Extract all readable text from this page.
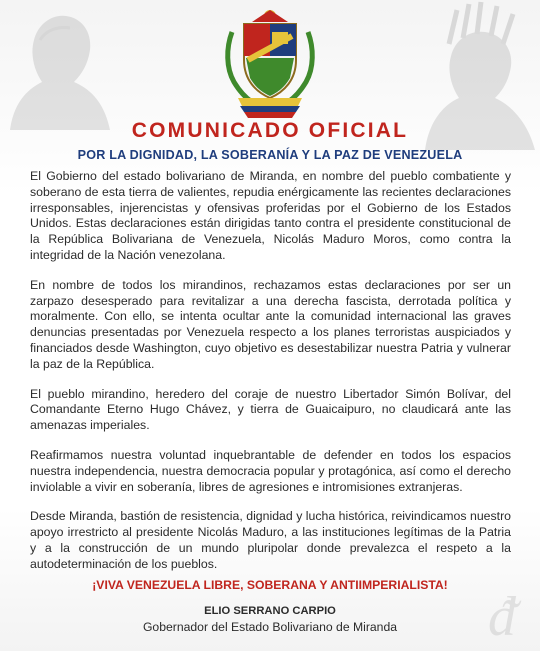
ᵭ
COMUNICADO OFICIAL
POR LA DIGNIDAD, LA SOBERANÍA Y LA PAZ DE VENEZUELA

El Gobierno del estado bolivariano de Miranda, en nombre del pueblo combatiente y soberano de esta tierra de valientes, repudia enérgicamente las recientes declaraciones irresponsables, injerencistas y ofensivas proferidas por el Gobierno de los Estados Unidos. Estas declaraciones están dirigidas tanto contra el presidente constitucional de la República Bolivariana de Venezuela, Nicolás Maduro Moros, como contra la integridad de la Nación venezolana.

En nombre de todos los mirandinos, rechazamos estas declaraciones por ser un zarpazo desesperado para revitalizar a una derecha fascista, derrotada política y moralmente. Con ello, se intenta ocultar ante la comunidad internacional las graves denuncias presentadas por Venezuela respecto a los planes terroristas auspiciados y financiados desde Washington, cuyo objetivo es desestabilizar nuestra Patria y vulnerar la paz de la República.

El pueblo mirandino, heredero del coraje de nuestro Libertador Simón Bolívar, del Comandante Eterno Hugo Chávez, y tierra de Guaicaipuro, no claudicará ante las amenazas imperiales.

Reafirmamos nuestra voluntad inquebrantable de defender en todos los espacios nuestra independencia, nuestra democracia popular y protagónica, así como el derecho inviolable a vivir en soberanía, libres de agresiones e intromisiones extranjeras.

Desde Miranda, bastión de resistencia, dignidad y lucha histórica, reivindicamos nuestro apoyo irrestricto al presidente Nicolás Maduro, a las instituciones legítimas de la Patria y a la construcción de un mundo pluripolar donde prevalezca el respeto a la autodeterminación de los pueblos.

¡VIVA VENEZUELA LIBRE, SOBERANA Y ANTIIMPERIALISTA!
ELIO SERRANO CARPIO
Gobernador del Estado Bolivariano de Miranda
